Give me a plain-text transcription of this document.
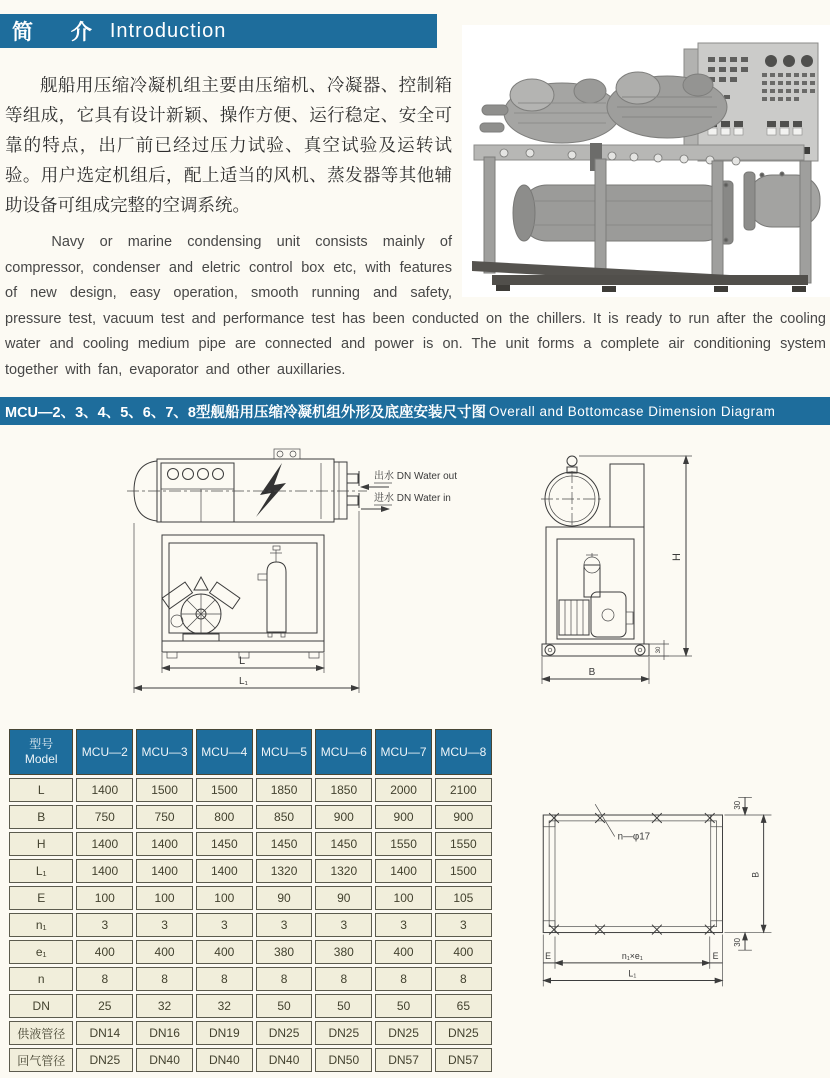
简 介 Introduction

舰船用压缩冷凝机组主要由压缩机、冷凝器、控制箱等组成，它具有设计新颖、操作方便、运行稳定、安全可靠的特点，出厂前已经过压力试验、真空试验及运转试验。用户选定机组后，配上适当的风机、蒸发器等其他辅助设备可组成完整的空调系统。

Navy or marine condensing unit consists mainly of compressor, condenser and eletric control box etc, with features of new design, easy operation, smooth running and safety, pressure test, vacuum test and performance test has been conducted on the chillers. It is ready to run after the cooling water and cooling medium pipe are connected and power is on. The unit forms a complete air conditioning system together with fan, evaporator and other auxillaries.

MCU—2、3、4、5、6、7、8型舰船用压缩冷凝机组外形及底座安装尺寸图 Overall and Bottomcase Dimension Diagram
出水 DN Water out
进水 DN Water in
L
L₁
H
30
B
型号
Model	MCU—2	MCU—3	MCU—4	MCU—5	MCU—6	MCU—7	MCU—8
L	1400	1500	1500	1850	1850	2000	2100
B	750	750	800	850	900	900	900
H	1400	1400	1450	1450	1450	1550	1550
L₁	1400	1400	1400	1320	1320	1400	1500
E	100	100	100	90	90	100	105
n₁	3	3	3	3	3	3	3
e₁	400	400	400	380	380	400	400
n	8	8	8	8	8	8	8
DN	25	32	32	50	50	50	65
供液管径	DN14	DN16	DN19	DN25	DN25	DN25	DN25
回气管径	DN25	DN40	DN40	DN40	DN50	DN57	DN57
n—φ17
30
30
B
E	n₁×e₁	E
L₁
